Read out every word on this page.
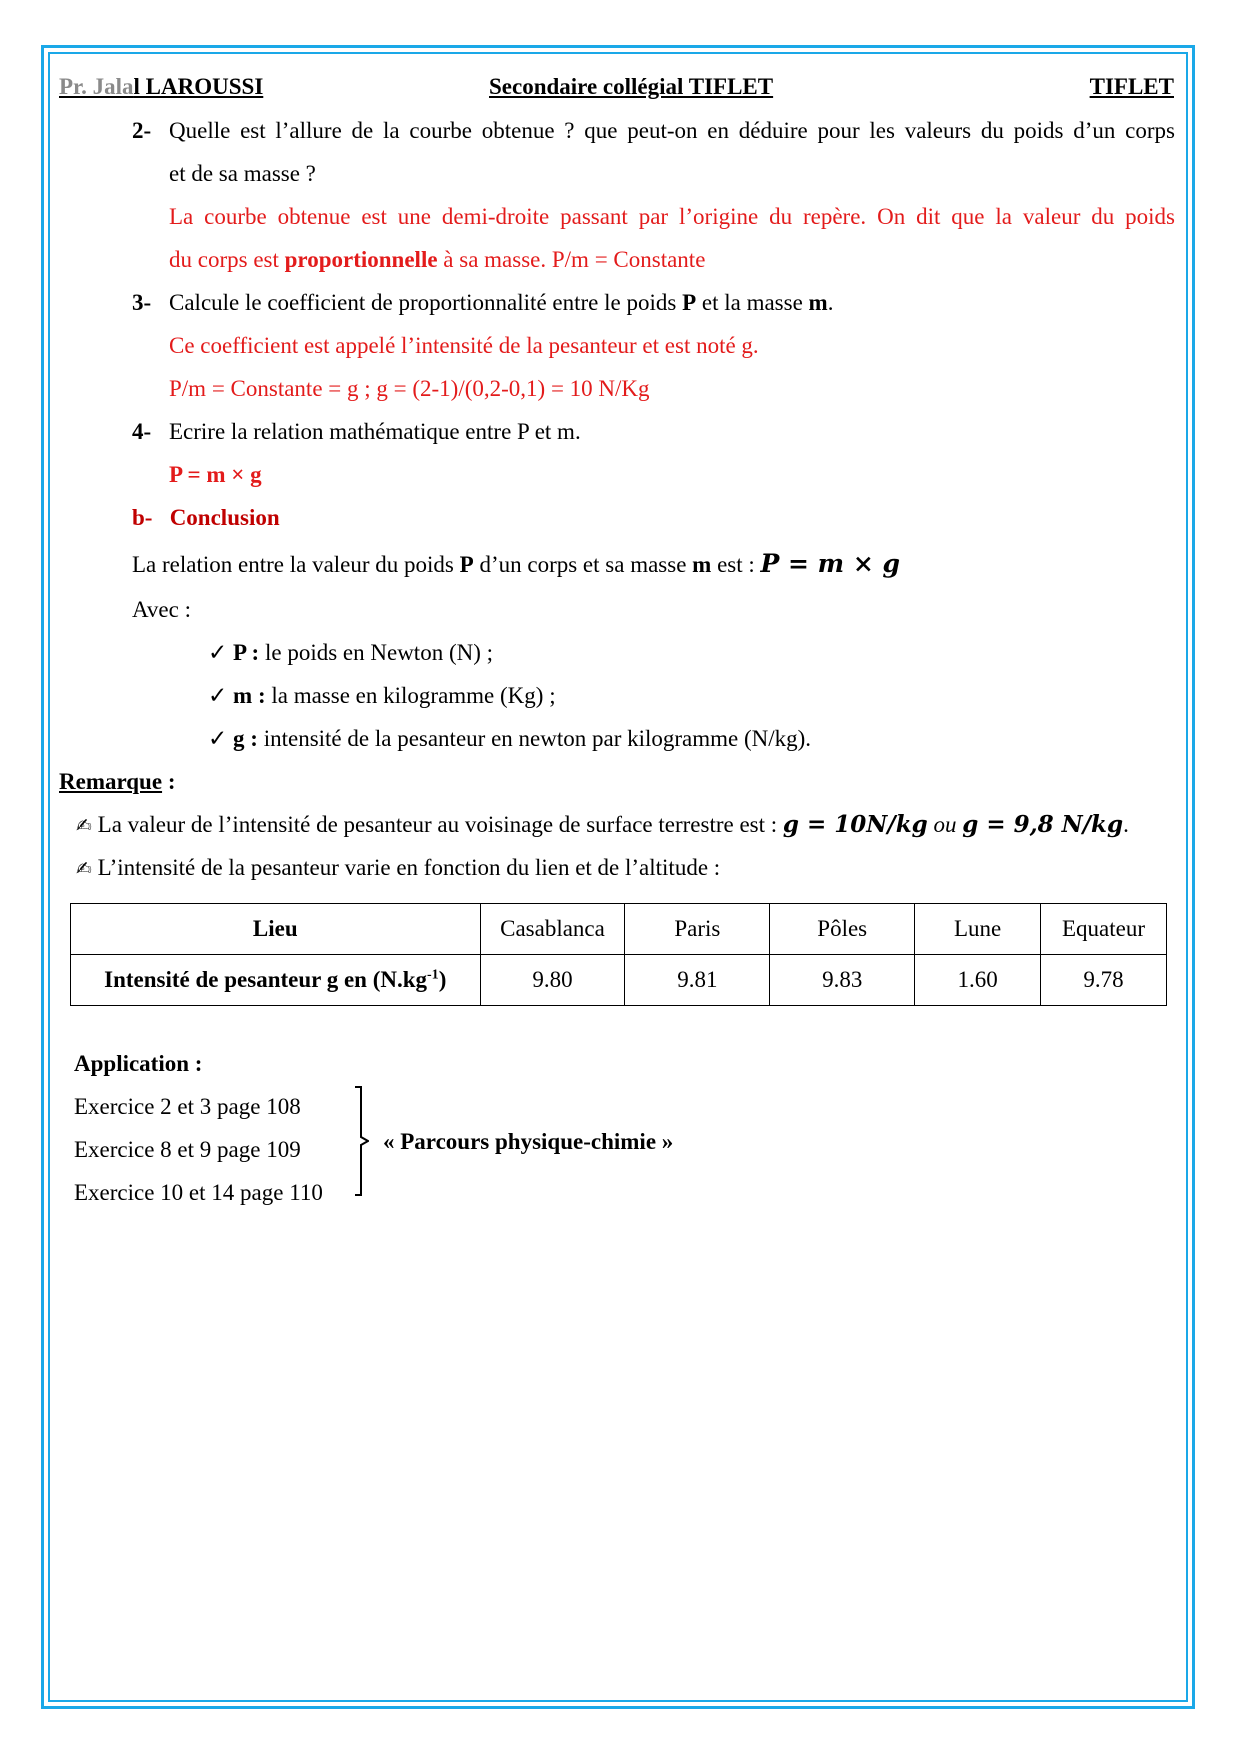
Pr. Jalal LAROUSSI	Secondaire collégial TIFLET	TIFLET
2- Quelle est l’allure de la courbe obtenue ? que peut-on en déduire pour les valeurs du poids d’un corps
et de sa masse ?
La courbe obtenue est une demi-droite passant par l’origine du repère. On dit que la valeur du poids
du corps est proportionnelle à sa masse. P/m = Constante
3- Calcule le coefficient de proportionnalité entre le poids P et la masse m.
Ce coefficient est appelé l’intensité de la pesanteur et est noté g.
P/m = Constante = g ; g = (2-1)/(0,2-0,1) = 10 N/Kg
4- Ecrire la relation mathématique entre P et m.
P = m × g
b-   Conclusion
La relation entre la valeur du poids P d’un corps et sa masse m est : P = m × g
Avec :
✓ P : le poids en Newton (N) ;
✓ m : la masse en kilogramme (Kg) ;
✓ g : intensité de la pesanteur en newton par kilogramme (N/kg).
Remarque :
✍ La valeur de l’intensité de pesanteur au voisinage de surface terrestre est : g = 10N/kg ou g = 9,8 N/kg.
✍ L’intensité de la pesanteur varie en fonction du lien et de l’altitude :
Lieu	Casablanca	Paris	Pôles	Lune	Equateur
Intensité de pesanteur g en $(N.kg^{-1})$	9.80	9.81	9.83	1.60	9.78
Application :
Exercice 2 et 3 page 108
Exercice 8 et 9 page 109
Exercice 10 et 14 page 110
« Parcours physique-chimie »
